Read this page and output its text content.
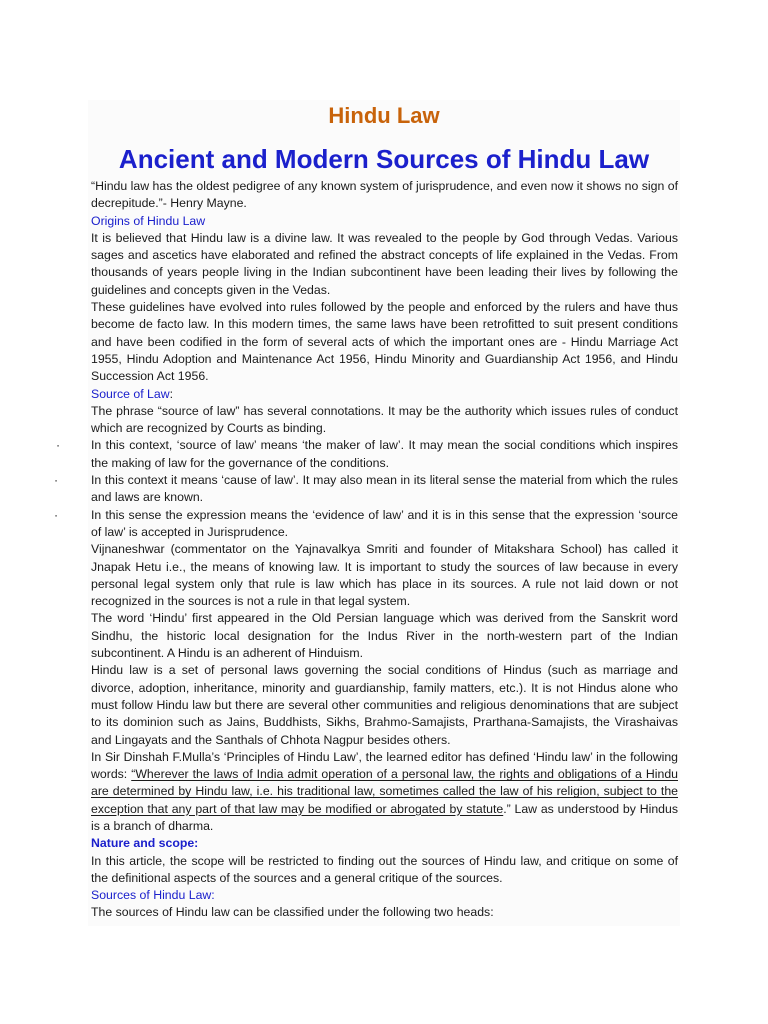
Hindu Law
Ancient and Modern Sources of Hindu Law

“Hindu law has the oldest pedigree of any known system of jurisprudence, and even now it shows no sign of decrepitude.”- Henry Mayne.

Origins of Hindu Law

It is believed that Hindu law is a divine law. It was revealed to the people by God through Vedas. Various sages and ascetics have elaborated and refined the abstract concepts of life explained in the Vedas. From thousands of years people living in the Indian subcontinent have been leading their lives by following the guidelines and concepts given in the Vedas.

These guidelines have evolved into rules followed by the people and enforced by the rulers and have thus become de facto law. In this modern times, the same laws have been retrofitted to suit present conditions and have been codified in the form of several acts of which the important ones are - Hindu Marriage Act 1955, Hindu Adoption and Maintenance Act 1956, Hindu Minority and Guardianship Act 1956, and Hindu Succession Act 1956.

Source of Law:

The phrase “source of law” has several connotations. It may be the authority which issues rules of conduct which are recognized by Courts as binding.

·	In this context, ‘source of law’ means ‘the maker of law’. It may mean the social conditions which inspires the making of law for the governance of the conditions.

·	In this context it means ‘cause of law’. It may also mean in its literal sense the material from which the rules and laws are known.

·	In this sense the expression means the ‘evidence of law’ and it is in this sense that the expression ‘source of law’ is accepted in Jurisprudence.

Vijnaneshwar (commentator on the Yajnavalkya Smriti and founder of Mitakshara School) has called it Jnapak Hetu i.e., the means of knowing law. It is important to study the sources of law because in every personal legal system only that rule is law which has place in its sources. A rule not laid down or not recognized in the sources is not a rule in that legal system.

The word ‘Hindu’ first appeared in the Old Persian language which was derived from the Sanskrit word Sindhu, the historic local designation for the Indus River in the north-western part of the Indian subcontinent. A Hindu is an adherent of Hinduism.

Hindu law is a set of personal laws governing the social conditions of Hindus (such as marriage and divorce, adoption, inheritance, minority and guardianship, family matters, etc.). It is not Hindus alone who must follow Hindu law but there are several other communities and religious denominations that are subject to its dominion such as Jains, Buddhists, Sikhs, Brahmo-Samajists, Prarthana-Samajists, the Virashaivas and Lingayats and the Santhals of Chhota Nagpur besides others.

In Sir Dinshah F.Mulla’s ‘Principles of Hindu Law’, the learned editor has defined ‘Hindu law’ in the following words: “Wherever the laws of India admit operation of a personal law, the rights and obligations of a Hindu are determined by Hindu law, i.e. his traditional law, sometimes called the law of his religion, subject to the exception that any part of that law may be modified or abrogated by statute.” Law as understood by Hindus is a branch of dharma.

Nature and scope:

In this article, the scope will be restricted to finding out the sources of Hindu law, and critique on some of the definitional aspects of the sources and a general critique of the sources.

Sources of Hindu Law:

The sources of Hindu law can be classified under the following two heads:
